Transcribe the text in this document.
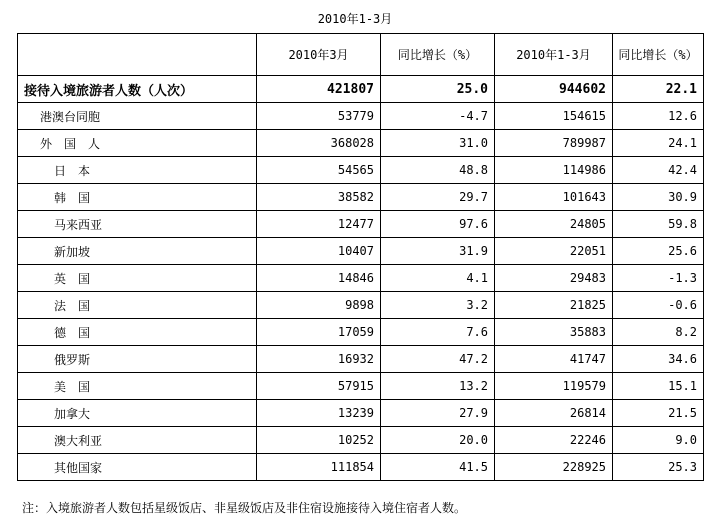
2010年1-3月
	2010年3月	同比增长（%）	2010年1-3月	同比增长（%）
接待入境旅游者人数（人次）	421807	25.0	944602	22.1
港澳台同胞	53779	-4.7	154615	12.6
外　国　人	368028	31.0	789987	24.1
日　本	54565	48.8	114986	42.4
韩　国	38582	29.7	101643	30.9
马来西亚	12477	97.6	24805	59.8
新加坡	10407	31.9	22051	25.6
英　国	14846	4.1	29483	-1.3
法　国	9898	3.2	21825	-0.6
德　国	17059	7.6	35883	8.2
俄罗斯	16932	47.2	41747	34.6
美　国	57915	13.2	119579	15.1
加拿大	13239	27.9	26814	21.5
澳大利亚	10252	20.0	22246	9.0
其他国家	111854	41.5	228925	25.3
注：入境旅游者人数包括星级饭店、非星级饭店及非住宿设施接待入境住宿者人数。
